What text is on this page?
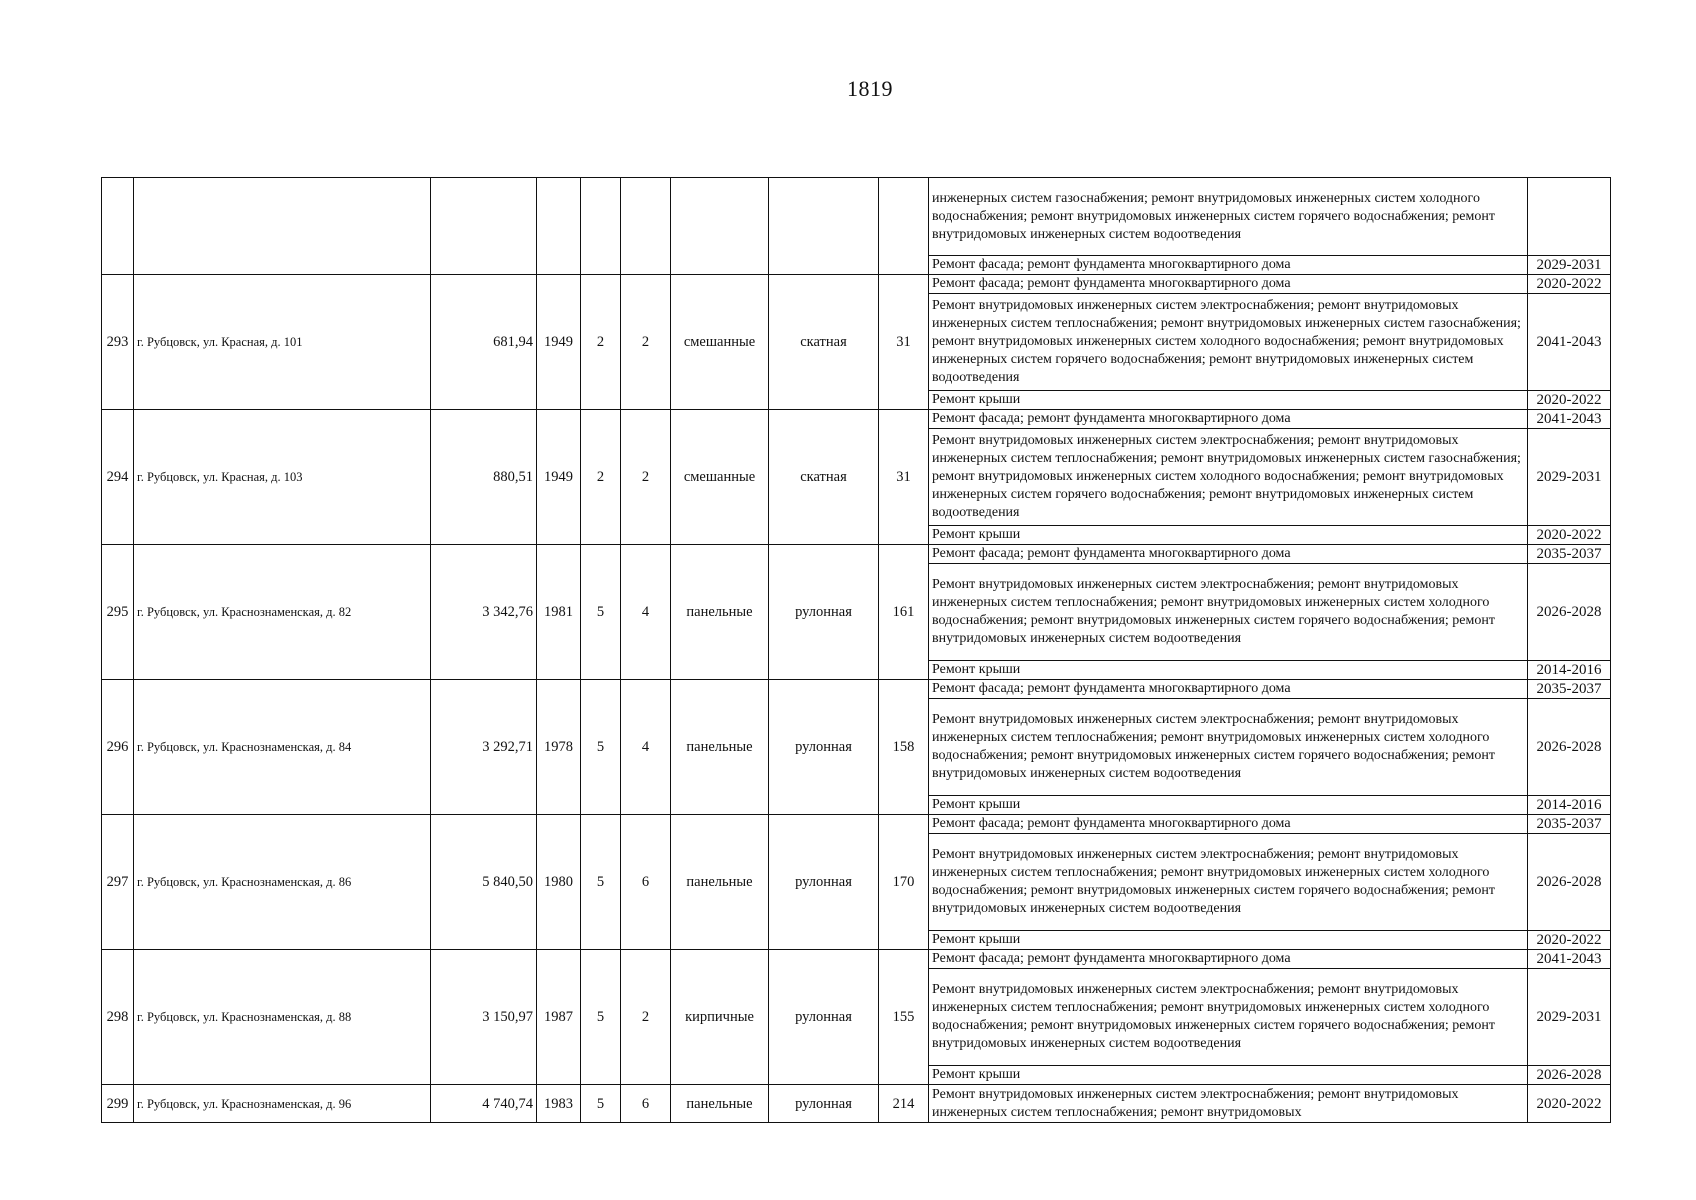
1819
									инженерных систем газоснабжения; ремонт внутридомовых инженерных систем холодного водоснабжения; ремонт внутридомовых инженерных систем горячего водоснабжения; ремонт внутридомовых инженерных систем водоотведения	
									Ремонт фасада; ремонт фундамента многоквартирного дома	2029-2031
293	г. Рубцовск, ул. Красная, д. 101	681,94	1949	2	2	смешанные	скатная	31	Ремонт фасада; ремонт фундамента многоквартирного дома	2020-2022
									Ремонт внутридомовых инженерных систем электроснабжения; ремонт внутридомовых инженерных систем теплоснабжения; ремонт внутридомовых инженерных систем газоснабжения; ремонт внутридомовых инженерных систем холодного водоснабжения; ремонт внутридомовых инженерных систем горячего водоснабжения; ремонт внутридомовых инженерных систем водоотведения	2041-2043
									Ремонт крыши	2020-2022
294	г. Рубцовск, ул. Красная, д. 103	880,51	1949	2	2	смешанные	скатная	31	Ремонт фасада; ремонт фундамента многоквартирного дома	2041-2043
									Ремонт внутридомовых инженерных систем электроснабжения; ремонт внутридомовых инженерных систем теплоснабжения; ремонт внутридомовых инженерных систем газоснабжения; ремонт внутридомовых инженерных систем холодного водоснабжения; ремонт внутридомовых инженерных систем горячего водоснабжения; ремонт внутридомовых инженерных систем водоотведения	2029-2031
									Ремонт крыши	2020-2022
295	г. Рубцовск, ул. Краснознаменская, д. 82	3 342,76	1981	5	4	панельные	рулонная	161	Ремонт фасада; ремонт фундамента многоквартирного дома	2035-2037
									Ремонт внутридомовых инженерных систем электроснабжения; ремонт внутридомовых инженерных систем теплоснабжения; ремонт внутридомовых инженерных систем холодного водоснабжения; ремонт внутридомовых инженерных систем горячего водоснабжения; ремонт внутридомовых инженерных систем водоотведения	2026-2028
									Ремонт крыши	2014-2016
296	г. Рубцовск, ул. Краснознаменская, д. 84	3 292,71	1978	5	4	панельные	рулонная	158	Ремонт фасада; ремонт фундамента многоквартирного дома	2035-2037
									Ремонт внутридомовых инженерных систем электроснабжения; ремонт внутридомовых инженерных систем теплоснабжения; ремонт внутридомовых инженерных систем холодного водоснабжения; ремонт внутридомовых инженерных систем горячего водоснабжения; ремонт внутридомовых инженерных систем водоотведения	2026-2028
									Ремонт крыши	2014-2016
297	г. Рубцовск, ул. Краснознаменская, д. 86	5 840,50	1980	5	6	панельные	рулонная	170	Ремонт фасада; ремонт фундамента многоквартирного дома	2035-2037
									Ремонт внутридомовых инженерных систем электроснабжения; ремонт внутридомовых инженерных систем теплоснабжения; ремонт внутридомовых инженерных систем холодного водоснабжения; ремонт внутридомовых инженерных систем горячего водоснабжения; ремонт внутридомовых инженерных систем водоотведения	2026-2028
									Ремонт крыши	2020-2022
298	г. Рубцовск, ул. Краснознаменская, д. 88	3 150,97	1987	5	2	кирпичные	рулонная	155	Ремонт фасада; ремонт фундамента многоквартирного дома	2041-2043
									Ремонт внутридомовых инженерных систем электроснабжения; ремонт внутридомовых инженерных систем теплоснабжения; ремонт внутридомовых инженерных систем холодного водоснабжения; ремонт внутридомовых инженерных систем горячего водоснабжения; ремонт внутридомовых инженерных систем водоотведения	2029-2031
									Ремонт крыши	2026-2028
299	г. Рубцовск, ул. Краснознаменская, д. 96	4 740,74	1983	5	6	панельные	рулонная	214	Ремонт внутридомовых инженерных систем электроснабжения; ремонт внутридомовых инженерных систем теплоснабжения; ремонт внутридомовых	2020-2022
